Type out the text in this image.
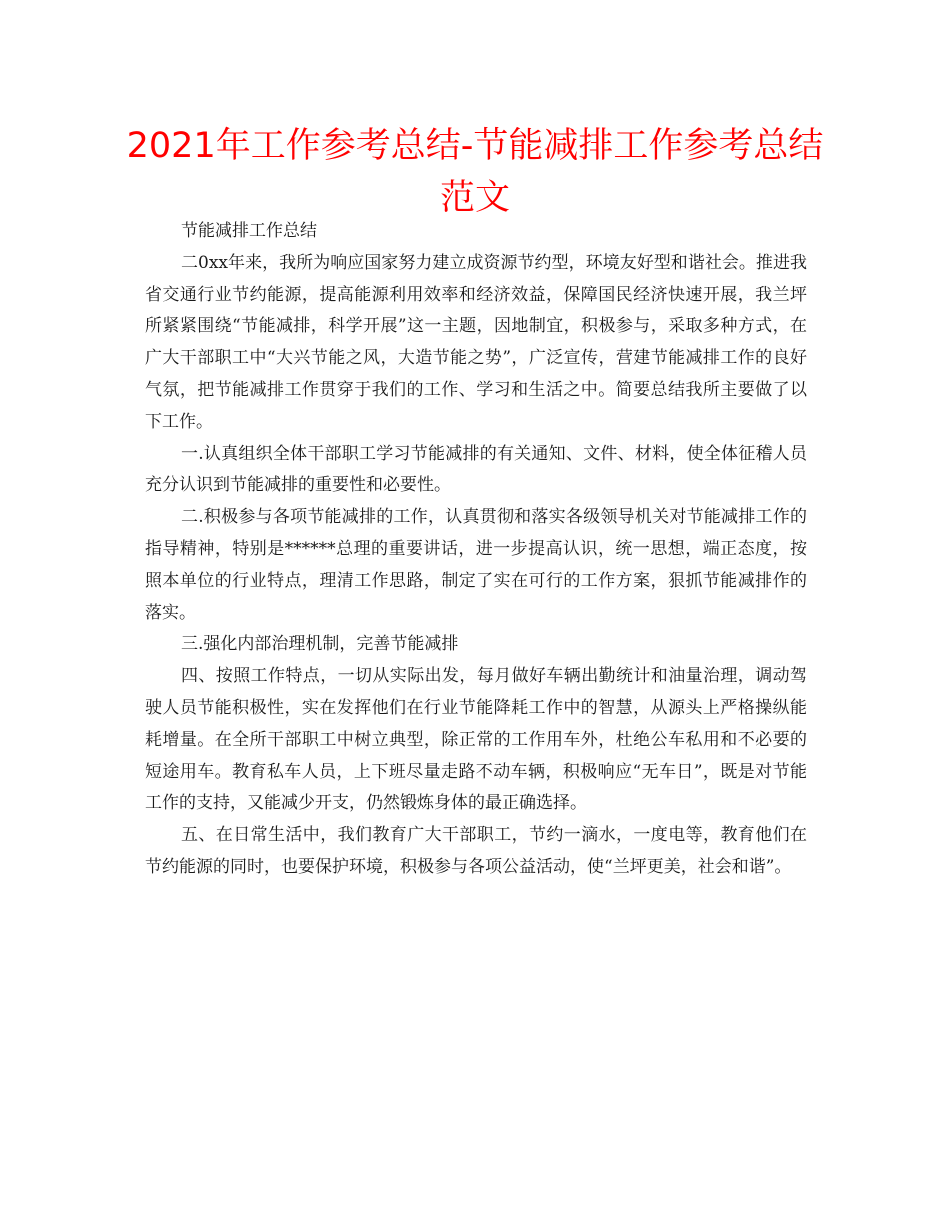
2021年工作参考总结-节能减排工作参考总结范文

节能减排工作总结

二0xx年来，我所为响应国家努力建立成资源节约型，环境友好型和谐社会。推进我省交通行业节约能源，提高能源利用效率和经济效益，保障国民经济快速开展，我兰坪所紧紧围绕“节能减排，科学开展”这一主题，因地制宜，积极参与，采取多种方式，在广大干部职工中“大兴节能之风，大造节能之势”，广泛宣传，营建节能减排工作的良好气氛，把节能减排工作贯穿于我们的工作、学习和生活之中。简要总结我所主要做了以下工作。

一.认真组织全体干部职工学习节能减排的有关通知、文件、材料，使全体征稽人员充分认识到节能减排的重要性和必要性。

二.积极参与各项节能减排的工作，认真贯彻和落实各级领导机关对节能减排工作的指导精神，特别是******总理的重要讲话，进一步提高认识，统一思想，端正态度，按照本单位的行业特点，理清工作思路，制定了实在可行的工作方案，狠抓节能减排作的落实。

三.强化内部治理机制，完善节能减排

四、按照工作特点，一切从实际出发，每月做好车辆出勤统计和油量治理，调动驾驶人员节能积极性，实在发挥他们在行业节能降耗工作中的智慧，从源头上严格操纵能耗增量。在全所干部职工中树立典型，除正常的工作用车外，杜绝公车私用和不必要的短途用车。教育私车人员，上下班尽量走路不动车辆，积极响应“无车日”，既是对节能工作的支持，又能减少开支，仍然锻炼身体的最正确选择。

五、在日常生活中，我们教育广大干部职工，节约一滴水，一度电等，教育他们在节约能源的同时，也要保护环境，积极参与各项公益活动，使“兰坪更美，社会和谐”。
